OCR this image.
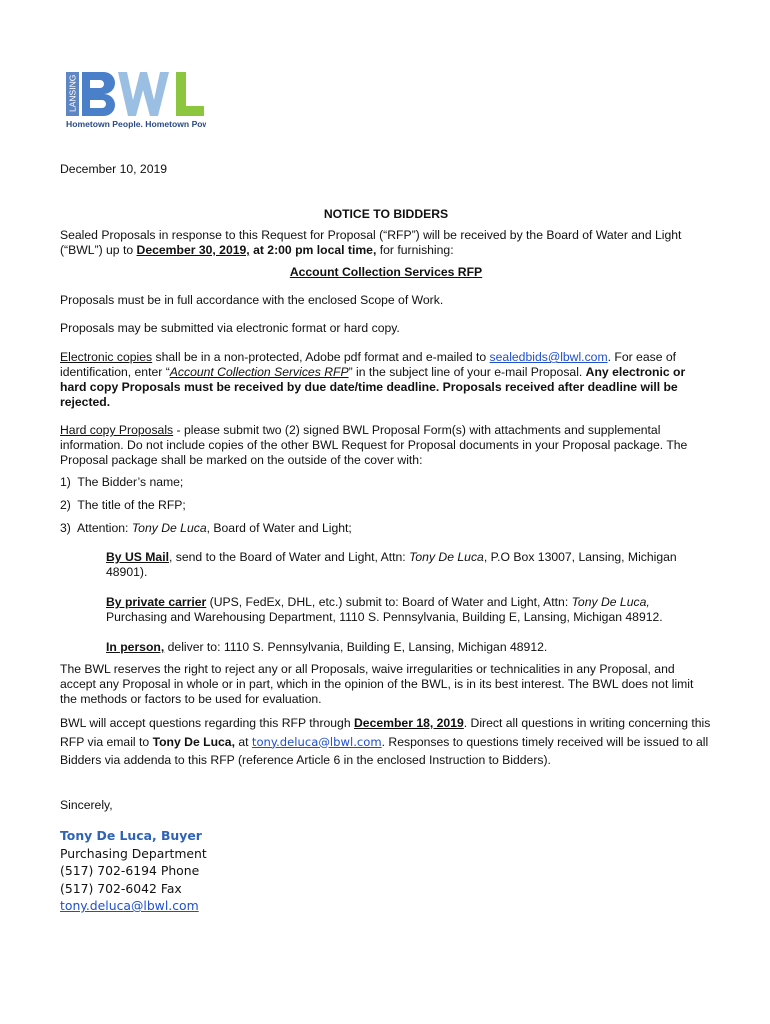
LANSING
Hometown People. Hometown Power.
December 10, 2019
NOTICE TO BIDDERS
Sealed Proposals in response to this Request for Proposal (“RFP”) will be received by the Board of Water and Light (“BWL”) up to December 30, 2019, at 2:00 pm local time, for furnishing:
Account Collection Services RFP
Proposals must be in full accordance with the enclosed Scope of Work.
Proposals may be submitted via electronic format or hard copy.
Electronic copies shall be in a non-protected, Adobe pdf format and e-mailed to sealedbids@lbwl.com. For ease of identification, enter “Account Collection Services RFP” in the subject line of your e-mail Proposal. Any electronic or hard copy Proposals must be received by due date/time deadline. Proposals received after deadline will be rejected.
Hard copy Proposals - please submit two (2) signed BWL Proposal Form(s) with attachments and supplemental information. Do not include copies of the other BWL Request for Proposal documents in your Proposal package. The Proposal package shall be marked on the outside of the cover with:
1) The Bidder’s name;
2) The title of the RFP;
3) Attention: Tony De Luca, Board of Water and Light;
By US Mail, send to the Board of Water and Light, Attn: Tony De Luca, P.O Box 13007, Lansing, Michigan 48901).
By private carrier (UPS, FedEx, DHL, etc.) submit to: Board of Water and Light, Attn: Tony De Luca, Purchasing and Warehousing Department, 1110 S. Pennsylvania, Building E, Lansing, Michigan 48912.
In person, deliver to: 1110 S. Pennsylvania, Building E, Lansing, Michigan 48912.
The BWL reserves the right to reject any or all Proposals, waive irregularities or technicalities in any Proposal, and accept any Proposal in whole or in part, which in the opinion of the BWL, is in its best interest. The BWL does not limit the methods or factors to be used for evaluation.
BWL will accept questions regarding this RFP through December 18, 2019. Direct all questions in writing concerning this RFP via email to Tony De Luca, at tony.deluca@lbwl.com. Responses to questions timely received will be issued to all Bidders via addenda to this RFP (reference Article 6 in the enclosed Instruction to Bidders).
Sincerely,
Tony De Luca, Buyer
Purchasing Department
(517) 702-6194 Phone
(517) 702-6042 Fax
tony.deluca@lbwl.com
